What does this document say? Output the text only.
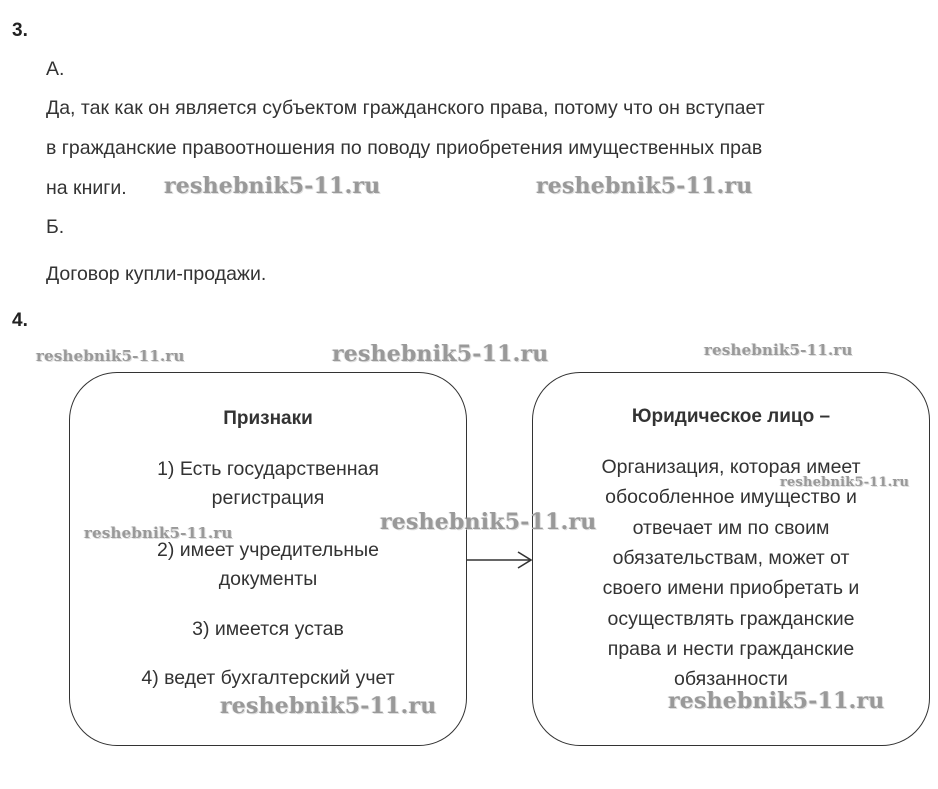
3.
А.
Да, так как он является субъектом гражданского права, потому что он вступает
в гражданские правоотношения по поводу приобретения имущественных прав
на книги.
Б.
Договор купли-продажи.
4.
Признаки
1) Есть государственная
регистрация
2) имеет учредительные
документы
3) имеется устав
4) ведет бухгалтерский учет
Юридическое лицо –
Организация, которая имеет
обособленное имущество и
отвечает им по своим
обязательствам, может от
своего имени приобретать и
осуществлять гражданские
права и нести гражданские
обязанности
reshebnik5-11.ru	reshebnik5-11.ru
reshebnik5-11.ru	reshebnik5-11.ru	reshebnik5-11.ru
reshebnik5-11.ru	reshebnik5-11.ru
reshebnik5-11.ru
reshebnik5-11.ru	reshebnik5-11.ru
